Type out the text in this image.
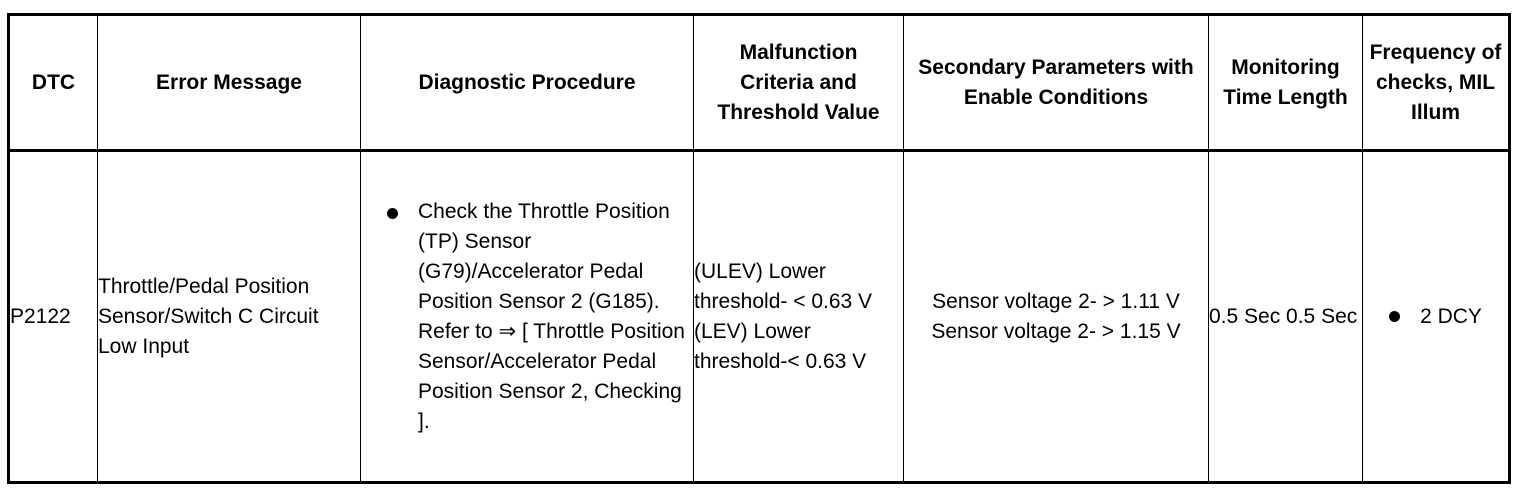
DTC	Error Message	Diagnostic Procedure	Malfunction Criteria and Threshold Value	Secondary Parameters with Enable Conditions	Monitoring Time Length	Frequency of checks, MIL Illum
P2122	Throttle/Pedal Position Sensor/Switch C Circuit Low Input	Check the Throttle Position (TP) Sensor (G79)/Accelerator Pedal Position Sensor 2 (G185). Refer to ⇒ [ Throttle Position Sensor/Accelerator Pedal Position Sensor 2, Checking ].	(ULEV) Lower threshold- < 0.63 V (LEV) Lower threshold-< 0.63 V	Sensor voltage 2- > 1.11 V Sensor voltage 2- > 1.15 V	0.5 Sec 0.5 Sec	2 DCY
